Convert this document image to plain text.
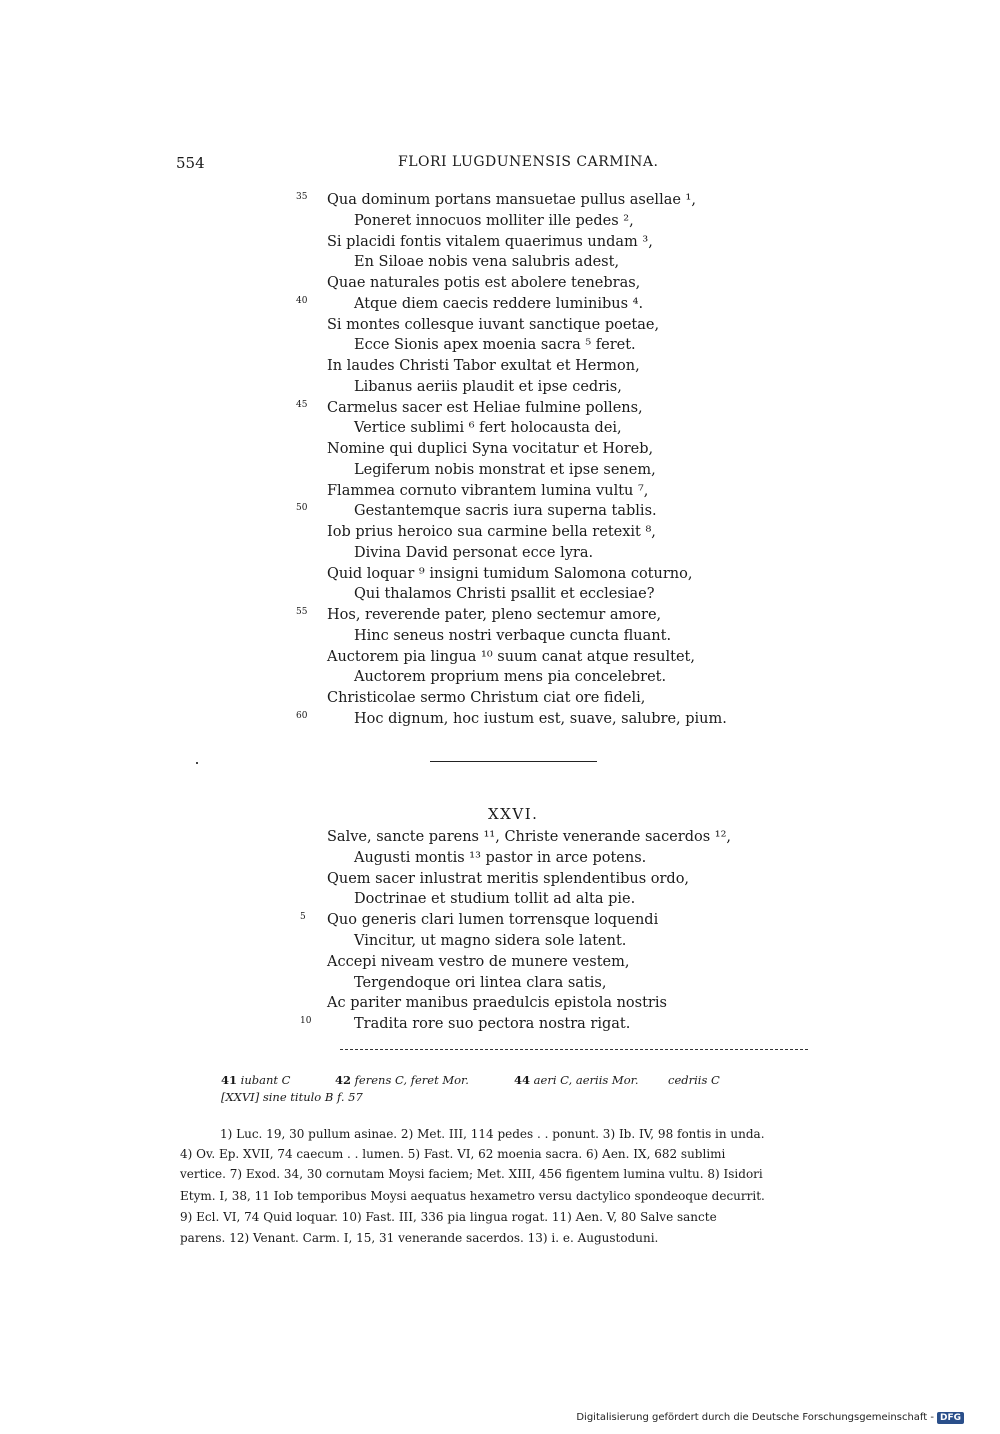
554	FLORI LUGDUNENSIS CARMINA.
35 Qua dominum portans mansuetae pullus asellae ¹,
Poneret innocuos molliter ille pedes ²,
Si placidi fontis vitalem quaerimus undam ³,
En Siloae nobis vena salubris adest,
Quae naturales potis est abolere tenebras,
40	Atque diem caecis reddere luminibus ⁴.
Si montes collesque iuvant sanctique poetae,
Ecce Sionis apex moenia sacra ⁵ feret.
In laudes Christi Tabor exultat et Hermon,
Libanus aeriis plaudit et ipse cedris,
45 Carmelus sacer est Heliae fulmine pollens,
Vertice sublimi ⁶ fert holocausta dei,
Nomine qui duplici Syna vocitatur et Horeb,
Legiferum nobis monstrat et ipse senem,
Flammea cornuto vibrantem lumina vultu ⁷,
50	Gestantemque sacris iura superna tablis.
Iob prius heroico sua carmine bella retexit ⁸,
Divina David personat ecce lyra.
Quid loquar ⁹ insigni tumidum Salomona coturno,
Qui thalamos Christi psallit et ecclesiae?
55 Hos, reverende pater, pleno sectemur amore,
Hinc seneus nostri verbaque cuncta fluant.
Auctorem pia lingua ¹⁰ suum canat atque resultet,
Auctorem proprium mens pia concelebret.
Christicolae sermo Christum ciat ore fideli,
60	Hoc dignum, hoc iustum est, suave, salubre, pium.
XXVI.
Salve, sancte parens ¹¹, Christe venerande sacerdos ¹²,
Augusti montis ¹³ pastor in arce potens.
Quem sacer inlustrat meritis splendentibus ordo,
Doctrinae et studium tollit ad alta pie.
5 Quo generis clari lumen torrensque loquendi
Vincitur, ut magno sidera sole latent.
Accepi niveam vestro de munere vestem,
Tergendoque ori lintea clara satis,
Ac pariter manibus praedulcis epistola nostris
10	Tradita rore suo pectora nostra rigat.
41 iubant C	42 ferens C, feret Mor.	44 aeri C, aeriis Mor.	cedriis C
[XXVI] sine titulo B f. 57
1) Luc. 19, 30 pullum asinae. 2) Met. III, 114 pedes . . ponunt. 3) Ib. IV, 98 fontis in unda.
4) Ov. Ep. XVII, 74 caecum . . lumen. 5) Fast. VI, 62 moenia sacra. 6) Aen. IX, 682 sublimi
vertice. 7) Exod. 34, 30 cornutam Moysi faciem; Met. XIII, 456 figentem lumina vultu. 8) Isidori
Etym. I, 38, 11 Iob temporibus Moysi aequatus hexametro versu dactylico spondeoque decurrit.
9) Ecl. VI, 74 Quid loquar. 10) Fast. III, 336 pia lingua rogat. 11) Aen. V, 80 Salve sancte
parens. 12) Venant. Carm. I, 15, 31 venerande sacerdos. 13) i. e. Augustoduni.
Digitalisierung gefördert durch die Deutsche Forschungsgemeinschaft - DFG
